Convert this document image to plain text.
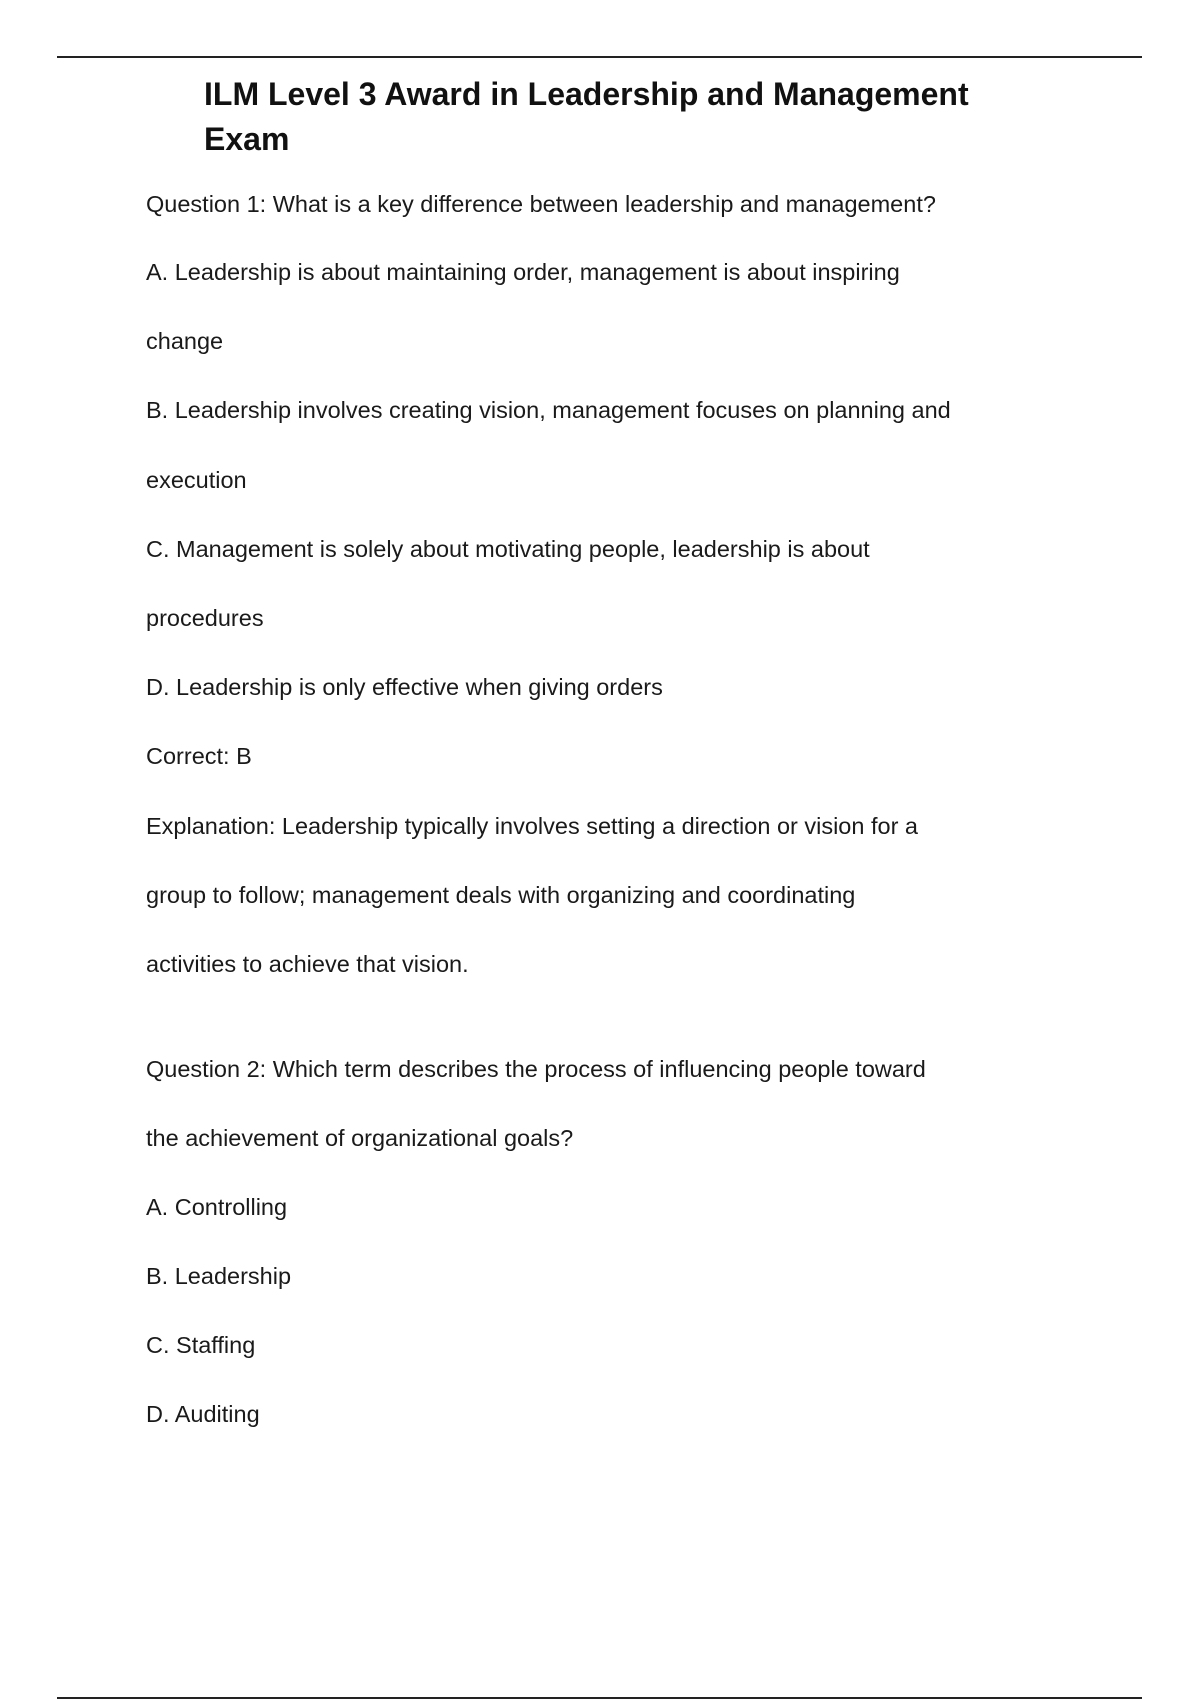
ILM Level 3 Award in Leadership and Management
Exam

Question 1: What is a key difference between leadership and management?

A. Leadership is about maintaining order, management is about inspiring

change

B. Leadership involves creating vision, management focuses on planning and

execution

C. Management is solely about motivating people, leadership is about

procedures

D. Leadership is only effective when giving orders

Correct: B

Explanation: Leadership typically involves setting a direction or vision for a

group to follow; management deals with organizing and coordinating

activities to achieve that vision.

Question 2: Which term describes the process of influencing people toward

the achievement of organizational goals?

A. Controlling

B. Leadership

C. Staffing

D. Auditing
